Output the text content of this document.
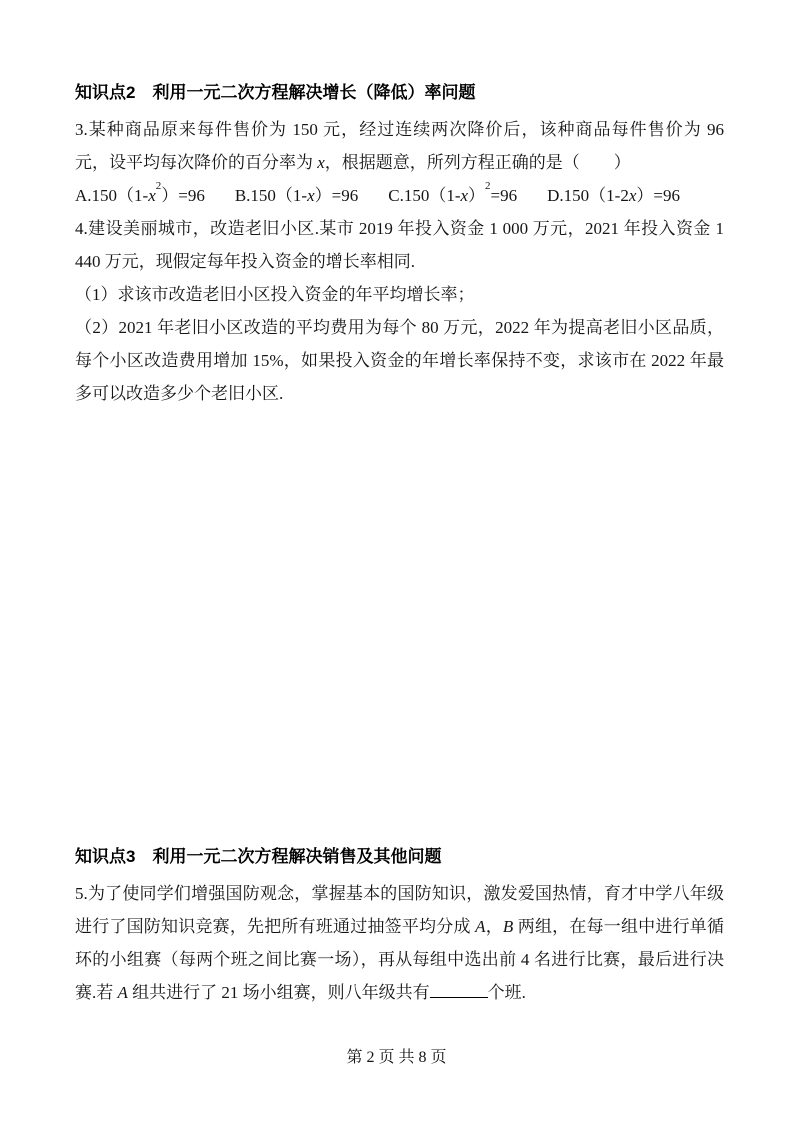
知识点2 利用一元二次方程解决增长（降低）率问题

3.某种商品原来每件售价为 150 元，经过连续两次降价后，该种商品每件售价为 96 元，设平均每次降价的百分率为 x，根据题意，所列方程正确的是（　　）

$A.150(1-x^2)=96$ B.150（1-x）=96 $C.150(1-x)^2=96$ D.150（1-2x）=96

4.建设美丽城市，改造老旧小区.某市 2019 年投入资金 1 000 万元，2021 年投入资金 1 440 万元，现假定每年投入资金的增长率相同.

（1）求该市改造老旧小区投入资金的年平均增长率；

（2）2021 年老旧小区改造的平均费用为每个 80 万元，2022 年为提高老旧小区品质，每个小区改造费用增加 15%，如果投入资金的年增长率保持不变，求该市在 2022 年最多可以改造多少个老旧小区.

知识点3 利用一元二次方程解决销售及其他问题

5.为了使同学们增强国防观念，掌握基本的国防知识，激发爱国热情，育才中学八年级进行了国防知识竞赛，先把所有班通过抽签平均分成 A，B 两组，在每一组中进行单循环的小组赛（每两个班之间比赛一场），再从每组中选出前 4 名进行比赛，最后进行决赛.若 A 组共进行了 21 场小组赛，则八年级共有	个班.

第 2 页 共 8 页
